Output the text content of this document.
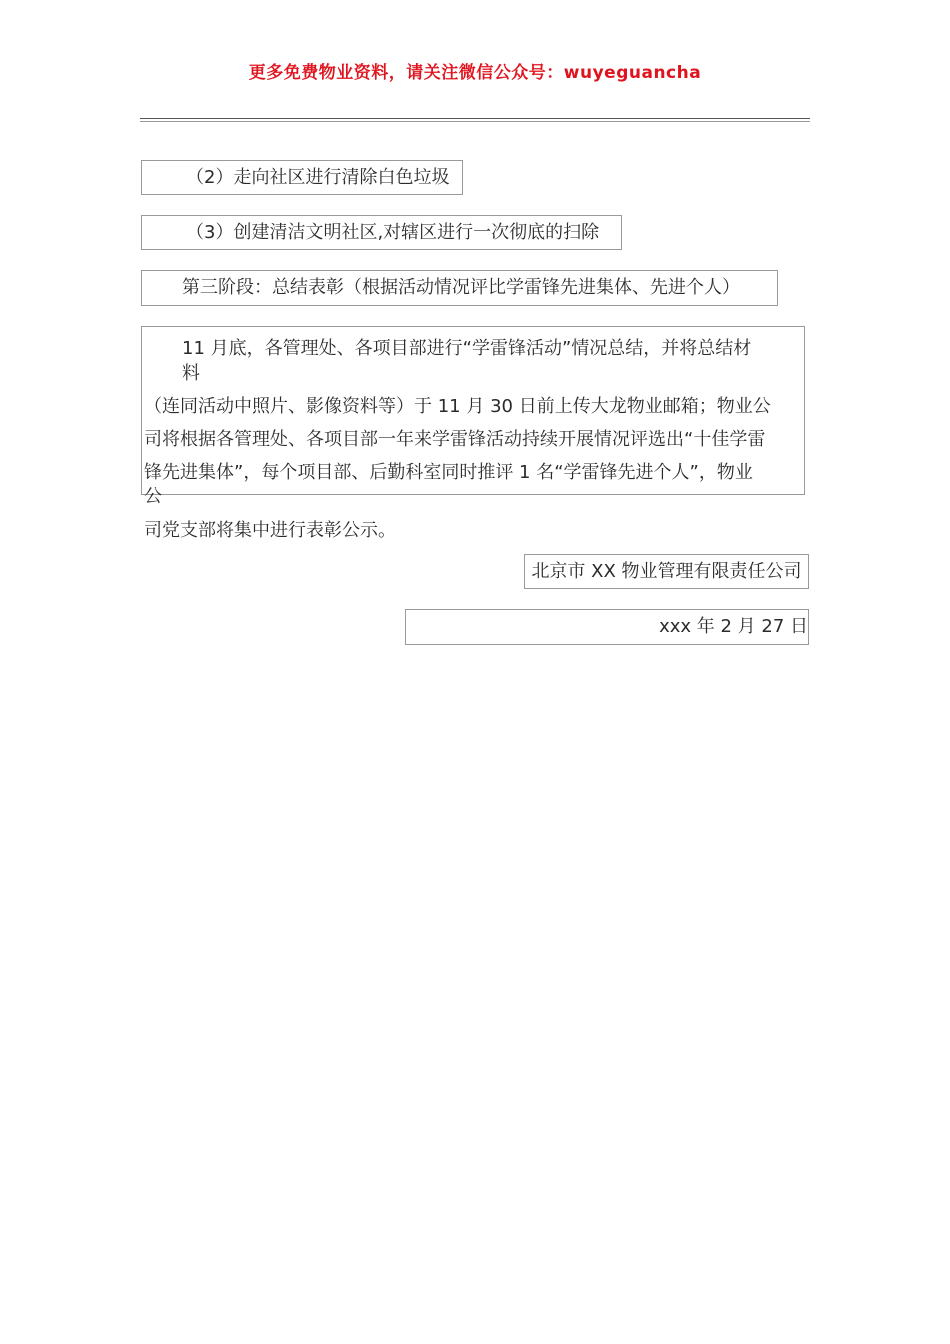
更多免费物业资料，请关注微信公众号：wuyeguancha
（2）走向社区进行清除白色垃圾
（3）创建清洁文明社区,对辖区进行一次彻底的扫除
第三阶段：总结表彰（根据活动情况评比学雷锋先进集体、先进个人）
11 月底，各管理处、各项目部进行“学雷锋活动”情况总结，并将总结材
料
（连同活动中照片、影像资料等）于 11 月 30 日前上传大龙物业邮箱；物业公
司将根据各管理处、各项目部一年来学雷锋活动持续开展情况评选出“十佳学雷
锋先进集体”，每个项目部、后勤科室同时推评 1 名“学雷锋先进个人”，物业
公
司党支部将集中进行表彰公示。
北京市 XX 物业管理有限责任公司
xxx 年 2 月 27 日
